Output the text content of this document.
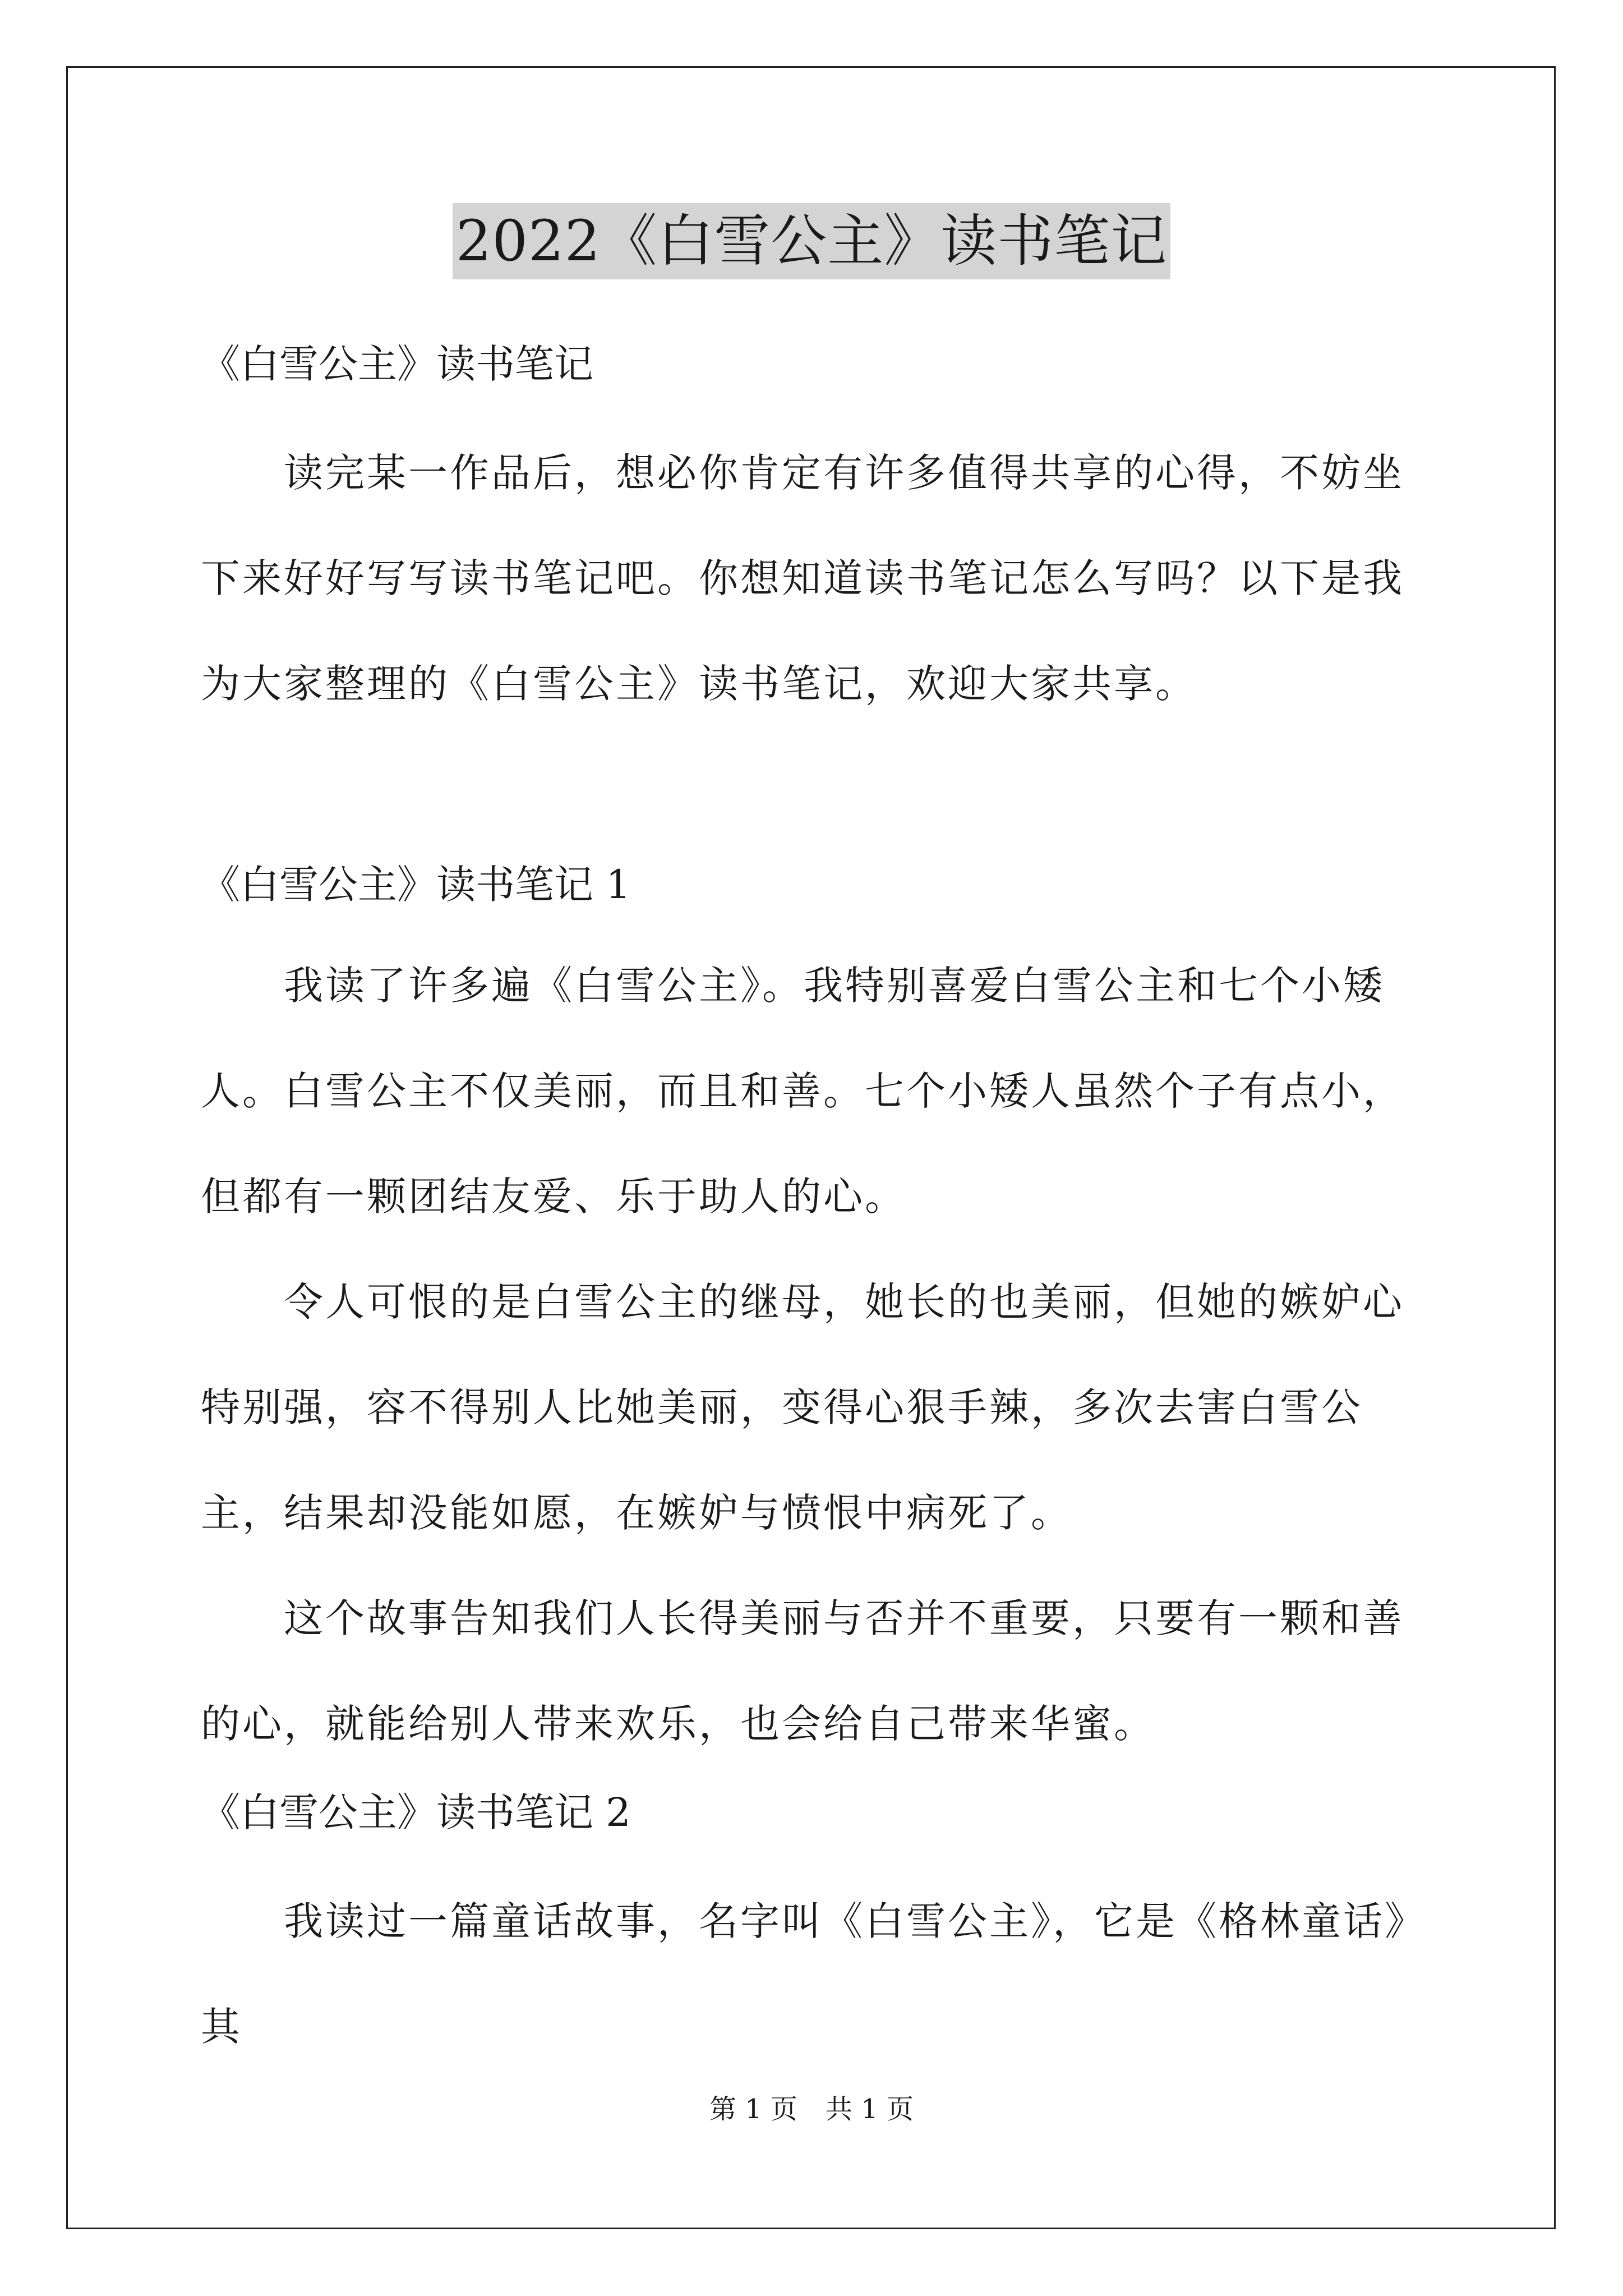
2022《白雪公主》读书笔记

《白雪公主》读书笔记

读完某一作品后，想必你肯定有许多值得共享的心得，不妨坐下来好好写写读书笔记吧。你想知道读书笔记怎么写吗？以下是我为大家整理的《白雪公主》读书笔记，欢迎大家共享。

《白雪公主》读书笔记 1

我读了许多遍《白雪公主》。我特别喜爱白雪公主和七个小矮人。白雪公主不仅美丽，而且和善。七个小矮人虽然个子有点小，但都有一颗团结友爱、乐于助人的心。

令人可恨的是白雪公主的继母，她长的也美丽，但她的嫉妒心特别强，容不得别人比她美丽，变得心狠手辣，多次去害白雪公主，结果却没能如愿，在嫉妒与愤恨中病死了。

这个故事告知我们人长得美丽与否并不重要，只要有一颗和善的心，就能给别人带来欢乐，也会给自己带来华蜜。

《白雪公主》读书笔记 2

我读过一篇童话故事，名字叫《白雪公主》，它是《格林童话》其

第 1 页 共 1 页
